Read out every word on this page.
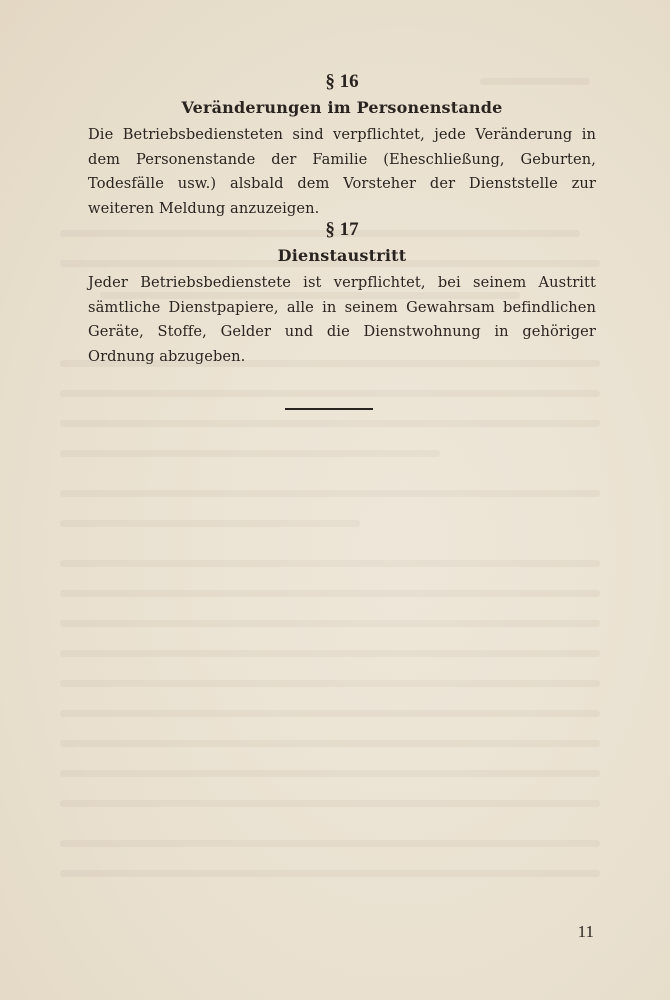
§ 16

Veränderungen im Personenstande

Die Betriebsbediensteten sind verpflichtet, jede Veränderung in dem Personenstande der Familie (Eheschließung, Geburten, Todesfälle usw.) alsbald dem Vorsteher der Dienststelle zur weiteren Meldung anzuzeigen.

§ 17

Dienstaustritt

Jeder Betriebsbedienstete ist verpflichtet, bei seinem Austritt sämtliche Dienstpapiere, alle in seinem Gewahrsam befindlichen Geräte, Stoffe, Gelder und die Dienstwohnung in gehöriger Ordnung abzugeben.

11
